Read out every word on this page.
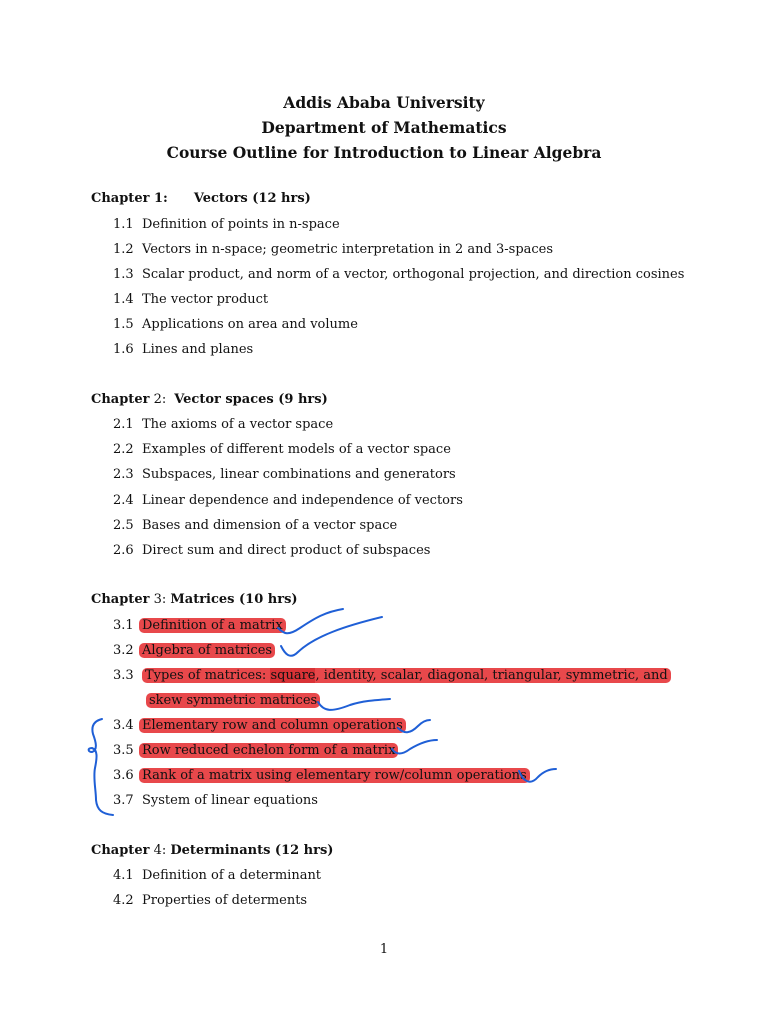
Addis Ababa University
Department of Mathematics
Course Outline for Introduction to Linear Algebra
Chapter 1: Vectors (12 hrs)
1.1 Definition of points in n-space
1.2 Vectors in n-space; geometric interpretation in 2 and 3-spaces
1.3 Scalar product, and norm of a vector, orthogonal projection, and direction cosines
1.4 The vector product
1.5 Applications on area and volume
1.6 Lines and planes
Chapter 2: Vector spaces (9 hrs)
2.1 The axioms of a vector space
2.2 Examples of different models of a vector space
2.3 Subspaces, linear combinations and generators
2.4 Linear dependence and independence of vectors
2.5 Bases and dimension of a vector space
2.6 Direct sum and direct product of subspaces
Chapter 3: Matrices (10 hrs)
3.1 Definition of a matrix
3.2 Algebra of matrices
3.3 Types of matrices: square, identity, scalar, diagonal, triangular, symmetric, and
skew symmetric matrices
3.4 Elementary row and column operations
3.5 Row reduced echelon form of a matrix
3.6 Rank of a matrix using elementary row/column operations
3.7 System of linear equations
Chapter 4: Determinants (12 hrs)
4.1 Definition of a determinant
4.2 Properties of determents
1
